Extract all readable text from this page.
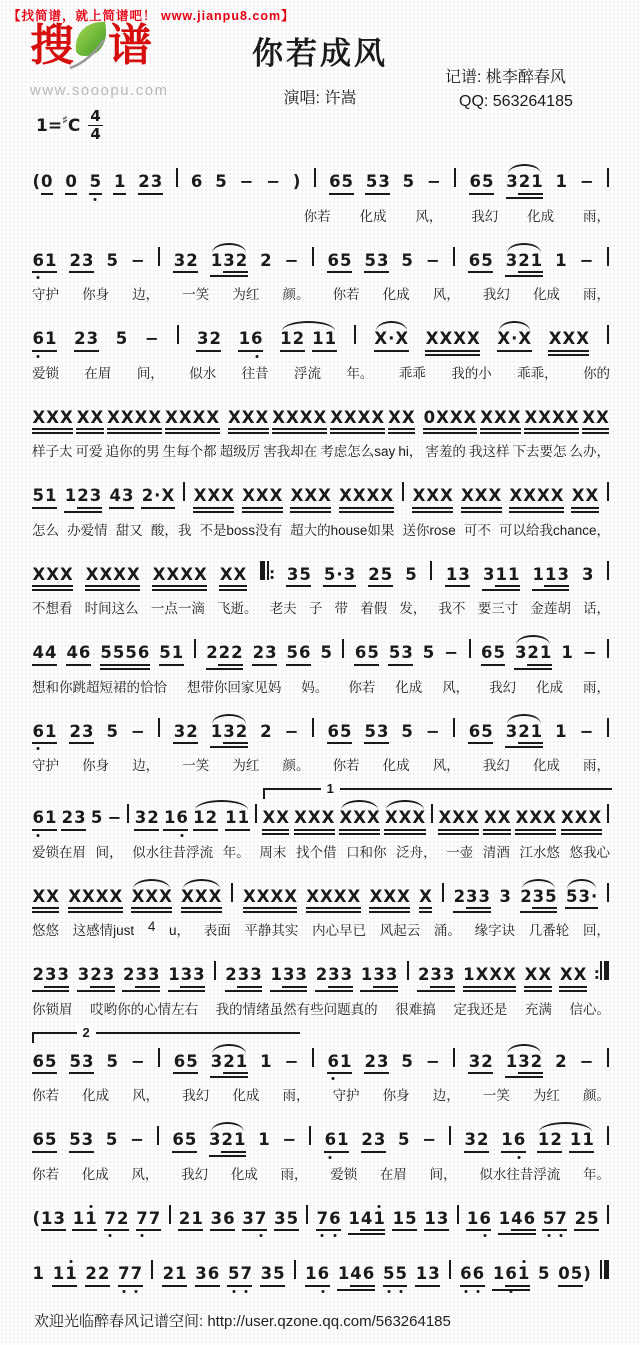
【找简谱，就上简谱吧！ www.jianpu8.com】
搜 谱
www.sooopu.com
1= ♯ C $\frac{4}{4}$
你若成风
演唱: 许嵩
记谱: 桃李醉春风
QQ: 563264185
( 0 0 5 1 2 3 6 5 − − ) 6 5 5 3 5 − 6 5 3 2 1 1 −
你若 化成 风， 我幻 化成 雨，
6 1 2 3 5 − 3 2 1 3 2 2 − 6 5 5 3 5 − 6 5 3 2 1 1 −
守护 你身 边， 一笑 为红 颜。 你若 化成 风， 我幻 化成 雨，
6 1 2 3 5 − 3 2 1 6 1 2 1 1 X · X X X X X X · X X X X
爱锁 在眉 间， 似水 往昔 浮流 年。 乖乖 我的小 乖乖， 你的
X X X X X X X X X X X X X X X X X X X X X X X X X X 0 X X X X X X X X X X X X
样子太 可爱 追你的男 生每个都 超级厉 害我却在 考虑怎么say hi， 害羞的 我这样 下去要怎 么办，
5 1 1 2 3 4 3 2 · X X X X X X X X X X X X X X X X X X X X X X X X X X
怎么 办爱情 甜又 酸，我 不是boss没有 超大的house如果 送你rose 可不 可以给我chance，
X X X X X X X X X X X X X ∶ 3 5 5 · 3 2 5 5 1 3 3 1 1 1 1 3 3
不想看 时间这么 一点一滴 飞逝。 老夫 子 带 着假 发， 我不 要三寸 金莲胡 话，
4 4 4 6 5 5 5 6 5 1 2 2 2 2 3 5 6 5 6 5 5 3 5 − 6 5 3 2 1 1 −
想和你跳超短裙的恰恰 想带你回家见妈 妈。 你若 化成 风， 我幻 化成 雨，
6 1 2 3 5 − 3 2 1 3 2 2 − 6 5 5 3 5 − 6 5 3 2 1 1 −
守护 你身 边， 一笑 为红 颜。 你若 化成 风， 我幻 化成 雨，
1
6 1 2 3 5 − 3 2 1 6 1 2 1 1 X X X X X X X X X X X X X X X X X X X X X X
爱锁在眉 间， 似水往昔浮流 年。 周末 找个借 口和你 泛舟， 一壶 清酒 江水悠 悠我心
X X X X X X X X X X X X X X X X X X X X X X X X 2 3 3 3 2 3 5 5 3 ·
悠悠 这感情just 4 u， 表面 平静其实 内心早已 风起云 涌。 缘字诀 几番轮 回，
2 3 3 3 2 3 2 3 3 1 3 3 2 3 3 1 3 3 2 3 3 1 3 3 2 3 3 1 X X X X X X X ∶
你锁眉 哎哟你的心情左右 我的情绪虽然有些问题真的 很难搞 定我还是 充满 信心。
2
6 5 5 3 5 − 6 5 3 2 1 1 − 6 1 2 3 5 − 3 2 1 3 2 2 −
你若 化成 风， 我幻 化成 雨， 守护 你身 边， 一笑 为红 颜。
6 5 5 3 5 − 6 5 3 2 1 1 − 6 1 2 3 5 − 3 2 1 6 1 2 1 1
你若 化成 风， 我幻 化成 雨， 爱锁 在眉 间， 似水往昔浮流 年。
( 1 3 1 1 7 2 7 7 2 1 3 6 3 7 3 5 7 6 1 4 1 1 5 1 3 1 6 1 4 6 5 7 2 5
1 1 1 2 2 7 7 2 1 3 6 5 7 3 5 1 6 1 4 6 5 5 1 3 6 6 1 6 1 5 0 5 )
欢迎光临醉春风记谱空间: http://user.qzone.qq.com/563264185
